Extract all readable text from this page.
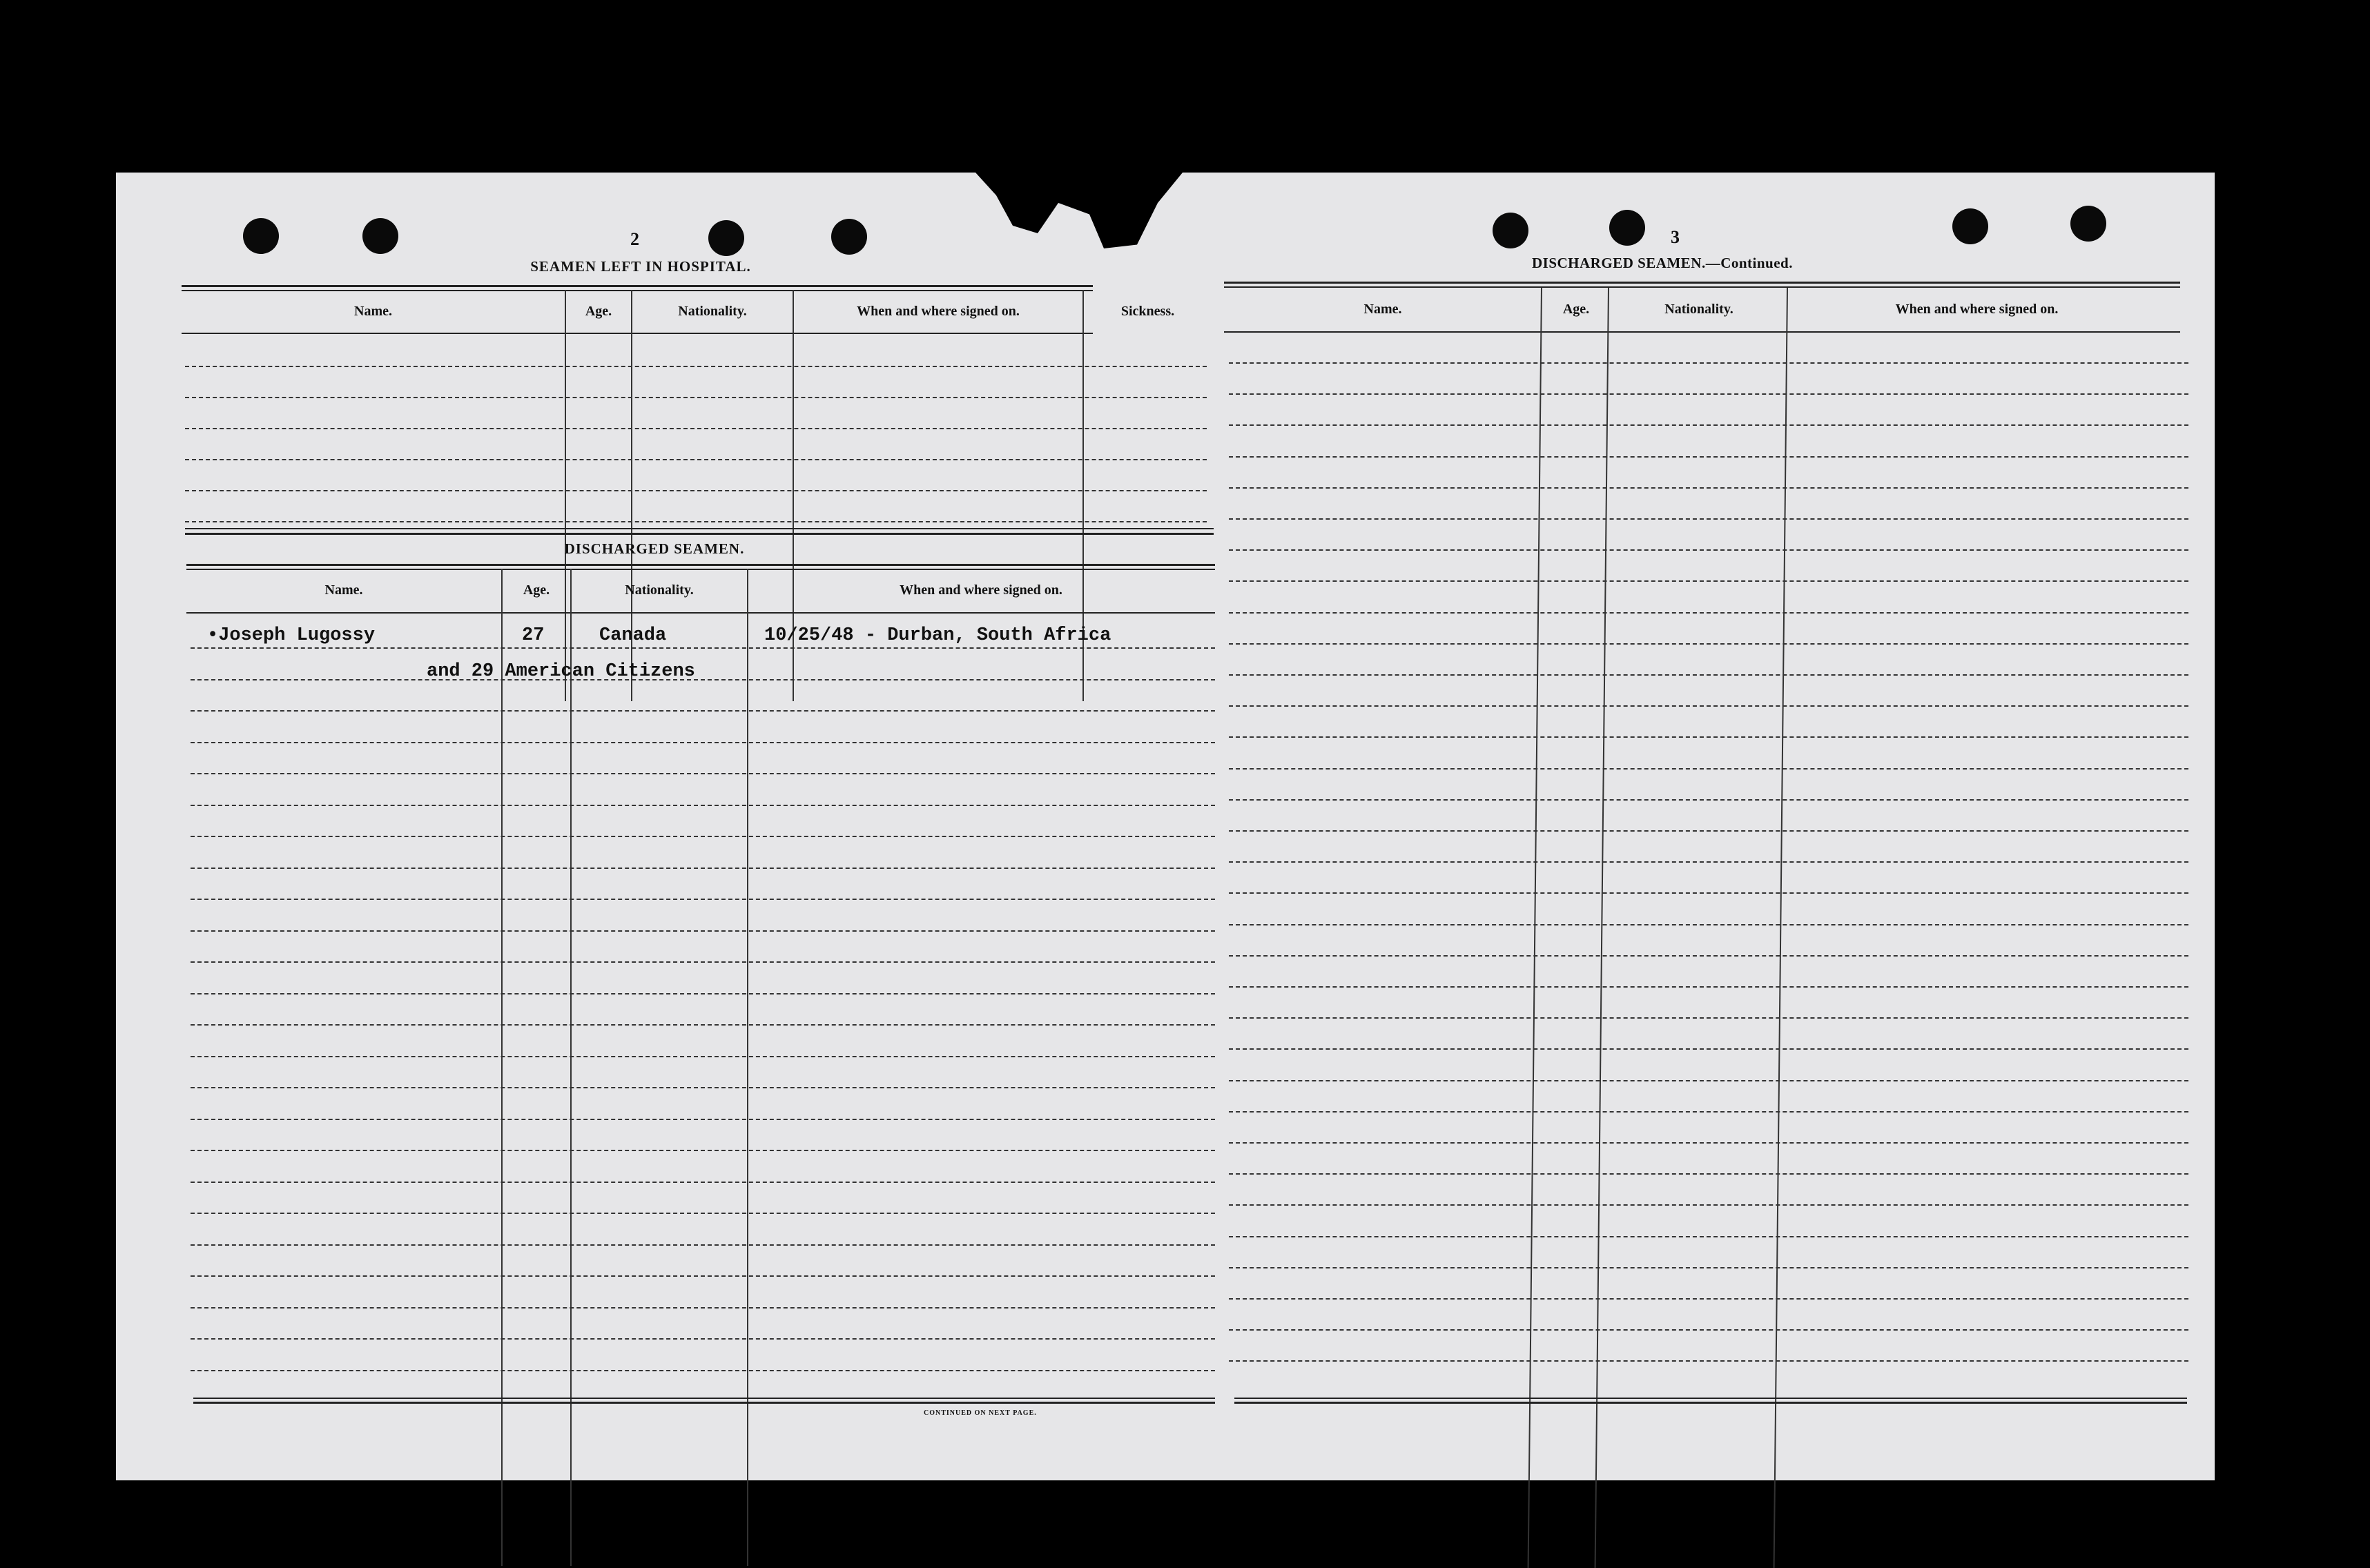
2
SEAMEN LEFT IN HOSPITAL.
Name.	Age.	Nationality.	When and where signed on.	Sickness.
DISCHARGED SEAMEN.
Name.	Age.	Nationality.	When and where signed on.
•Joseph Lugossy	27	Canada	10/25/48 - Durban, South Africa
and 29 American Citizens
CONTINUED ON NEXT PAGE.
3
DISCHARGED SEAMEN.—Continued.
Name.	Age.	Nationality.	When and where signed on.
